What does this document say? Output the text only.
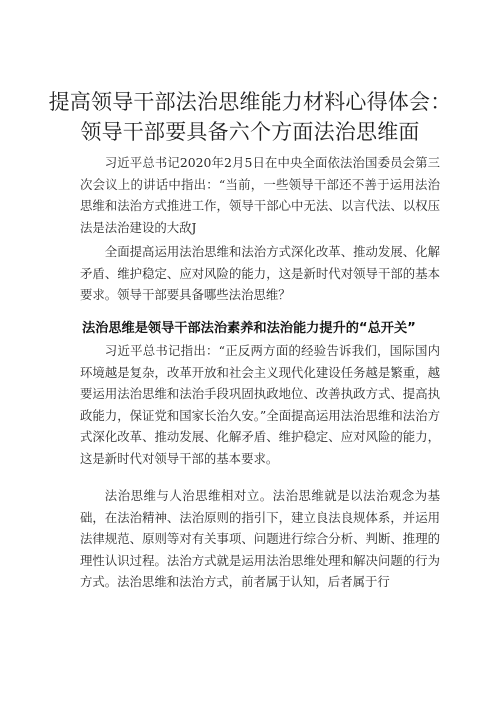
提高领导干部法治思维能力材料心得体会：
领导干部要具备六个方面法治思维面

习近平总书记2020年2月5日在中央全面依法治国委员会第三次会议上的讲话中指出：“当前，一些领导干部还不善于运用法治思维和法治方式推进工作，领导干部心中无法、以言代法、以权压法是法治建设的大敌J

全面提高运用法治思维和法治方式深化改革、推动发展、化解矛盾、维护稳定、应对风险的能力，这是新时代对领导干部的基本要求。领导干部要具备哪些法治思维？

法治思维是领导干部法治素养和法治能力提升的“总开关”

习近平总书记指出：“正反两方面的经验告诉我们，国际国内环境越是复杂，改革开放和社会主义现代化建设任务越是繁重，越要运用法治思维和法治手段巩固执政地位、改善执政方式、提高执政能力，保证党和国家长治久安。”全面提高运用法治思维和法治方式深化改革、推动发展、化解矛盾、维护稳定、应对风险的能力，这是新时代对领导干部的基本要求。

法治思维与人治思维相对立。法治思维就是以法治观念为基础，在法治精神、法治原则的指引下，建立良法良规体系，并运用法律规范、原则等对有关事项、问题进行综合分析、判断、推理的理性认识过程。法治方式就是运用法治思维处理和解决问题的行为方式。法治思维和法治方式，前者属于认知，后者属于行
